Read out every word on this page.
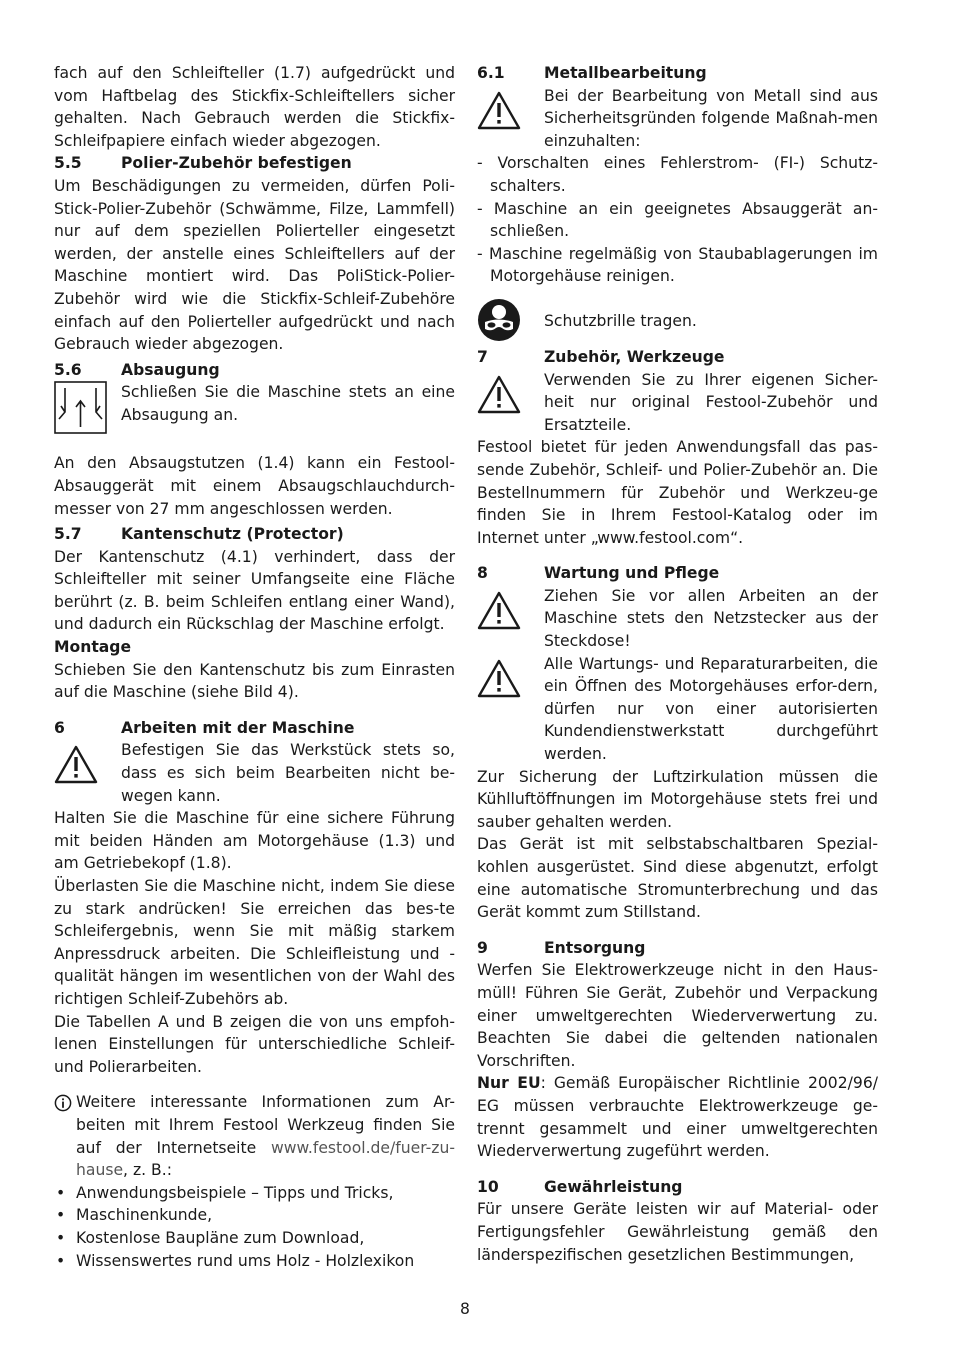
fach auf den Schleifteller (1.7) aufgedrückt und vom Haftbelag des Stickfix-Schleiftellers sicher gehalten. Nach Gebrauch werden die Stickfix-Schleifpapiere einfach wieder abgezogen.

5.5	Polier-Zubehör befestigen

Um Beschädigungen zu vermeiden, dürfen Poli-Stick-Polier-Zubehör (Schwämme, Filze, Lammfell) nur auf dem speziellen Polierteller eingesetzt werden, der anstelle eines Schleiftellers auf der Maschine montiert wird. Das PoliStick-Polier-Zubehör wird wie die Stickfix-Schleif-Zubehöre einfach auf den Polierteller aufgedrückt und nach Gebrauch wieder abgezogen.

5.6	Absaugung
Schließen Sie die Maschine stets an eine Absaugung an.

An den Absaugstutzen (1.4) kann ein Festool-Absauggerät mit einem Absaugschlauchdurch-messer von 27 mm angeschlossen werden.

5.7	Kantenschutz (Protector)

Der Kantenschutz (4.1) verhindert, dass der Schleifteller mit seiner Umfangseite eine Fläche berührt (z. B. beim Schleifen entlang einer Wand), und dadurch ein Rückschlag der Maschine erfolgt.

Montage

Schieben Sie den Kantenschutz bis zum Einrasten auf die Maschine (siehe Bild 4).

6	Arbeiten mit der Maschine
Befestigen Sie das Werkstück stets so, dass es sich beim Bearbeiten nicht be-wegen kann.

Halten Sie die Maschine für eine sichere Führung mit beiden Händen am Motorgehäuse (1.3) und am Getriebekopf (1.8).

Überlasten Sie die Maschine nicht, indem Sie diese zu stark andrücken! Sie erreichen das bes-te Schleifergebnis, wenn Sie mit mäßig starkem Anpressdruck arbeiten. Die Schleifleistung und -qualität hängen im wesentlichen von der Wahl des richtigen Schleif-Zubehörs ab.

Die Tabellen A und B zeigen die von uns empfoh-lenen Einstellungen für unterschiedliche Schleif- und Polierarbeiten.

Weitere interessante Informationen zum Ar-beiten mit Ihrem Festool Werkzeug finden Sie auf der Internetseite www.festool.de/fuer-zu-hause, z. B.:
• Anwendungsbeispiele – Tipps und Tricks,
• Maschinenkunde,
• Kostenlose Baupläne zum Download,
• Wissenswertes rund ums Holz - Holzlexikon
6.1	Metallbearbeitung
Bei der Bearbeitung von Metall sind aus Sicherheitsgründen folgende Maßnah-men einzuhalten:
- Vorschalten eines Fehlerstrom- (FI-) Schutz-schalters.
- Maschine an ein geeignetes Absauggerät an-schließen.
- Maschine regelmäßig von Staubablagerungen im Motorgehäuse reinigen.
Schutzbrille tragen.
7	Zubehör, Werkzeuge
Verwenden Sie zu Ihrer eigenen Sicher-heit nur original Festool-Zubehör und Ersatzteile.

Festool bietet für jeden Anwendungsfall das pas-sende Zubehör, Schleif- und Polier-Zubehör an. Die Bestellnummern für Zubehör und Werkzeu-ge finden Sie in Ihrem Festool-Katalog oder im Internet unter „www.festool.com“.

8	Wartung und Pflege
Ziehen Sie vor allen Arbeiten an der Maschine stets den Netzstecker aus der Steckdose!
Alle Wartungs- und Reparaturarbeiten, die ein Öffnen des Motorgehäuses erfor-dern, dürfen nur von einer autorisierten Kundendienstwerkstatt durchgeführt werden.

Zur Sicherung der Luftzirkulation müssen die Kühlluftöffnungen im Motorgehäuse stets frei und sauber gehalten werden.

Das Gerät ist mit selbstabschaltbaren Spezial-kohlen ausgerüstet. Sind diese abgenutzt, erfolgt eine automatische Stromunterbrechung und das Gerät kommt zum Stillstand.

9	Entsorgung

Werfen Sie Elektrowerkzeuge nicht in den Haus-müll! Führen Sie Gerät, Zubehör und Verpackung einer umweltgerechten Wiederverwertung zu. Beachten Sie dabei die geltenden nationalen Vorschriften.

Nur EU: Gemäß Europäischer Richtlinie 2002/96/ EG müssen verbrauchte Elektrowerkzeuge ge-trennt gesammelt und einer umweltgerechten Wiederverwertung zugeführt werden.

10	Gewährleistung

Für unsere Geräte leisten wir auf Material- oder Fertigungsfehler Gewährleistung gemäß den länderspezifischen gesetzlichen Bestimmungen,

8
